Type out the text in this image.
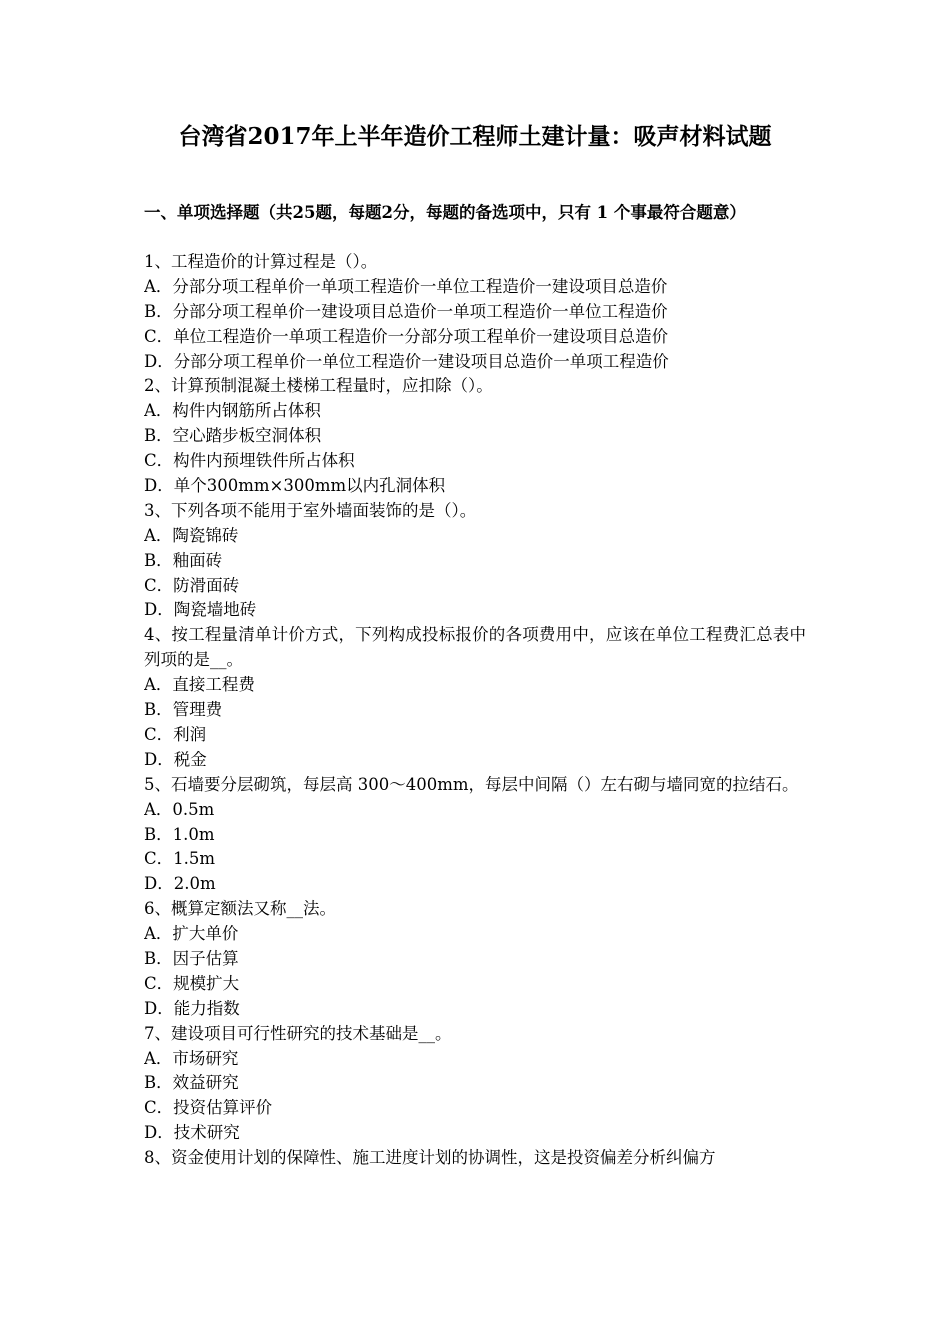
台湾省2017年上半年造价工程师土建计量：吸声材料试题
一、单项选择题（共25题，每题2分，每题的备选项中，只有 1 个事最符合题意）
1、工程造价的计算过程是（）。
A．分部分项工程单价一单项工程造价一单位工程造价一建设项目总造价
B．分部分项工程单价一建设项目总造价一单项工程造价一单位工程造价
C．单位工程造价一单项工程造价一分部分项工程单价一建设项目总造价
D．分部分项工程单价一单位工程造价一建设项目总造价一单项工程造价
2、计算预制混凝土楼梯工程量时，应扣除（）。
A．构件内钢筋所占体积
B．空心踏步板空洞体积
C．构件内预埋铁件所占体积
D．单个300mm×300mm以内孔洞体积
3、下列各项不能用于室外墙面装饰的是（）。
A．陶瓷锦砖
B．釉面砖
C．防滑面砖
D．陶瓷墙地砖
4、按工程量清单计价方式，下列构成投标报价的各项费用中，应该在单位工程费汇总表中列项的是__。
A．直接工程费
B．管理费
C．利润
D．税金
5、石墙要分层砌筑，每层高 300～400mm，每层中间隔（）左右砌与墙同宽的拉结石。
A．0.5m
B．1.0m
C．1.5m
D．2.0m
6、概算定额法又称__法。
A．扩大单价
B．因子估算
C．规模扩大
D．能力指数
7、建设项目可行性研究的技术基础是__。
A．市场研究
B．效益研究
C．投资估算评价
D．技术研究
8、资金使用计划的保障性、施工进度计划的协调性，这是投资偏差分析纠偏方
